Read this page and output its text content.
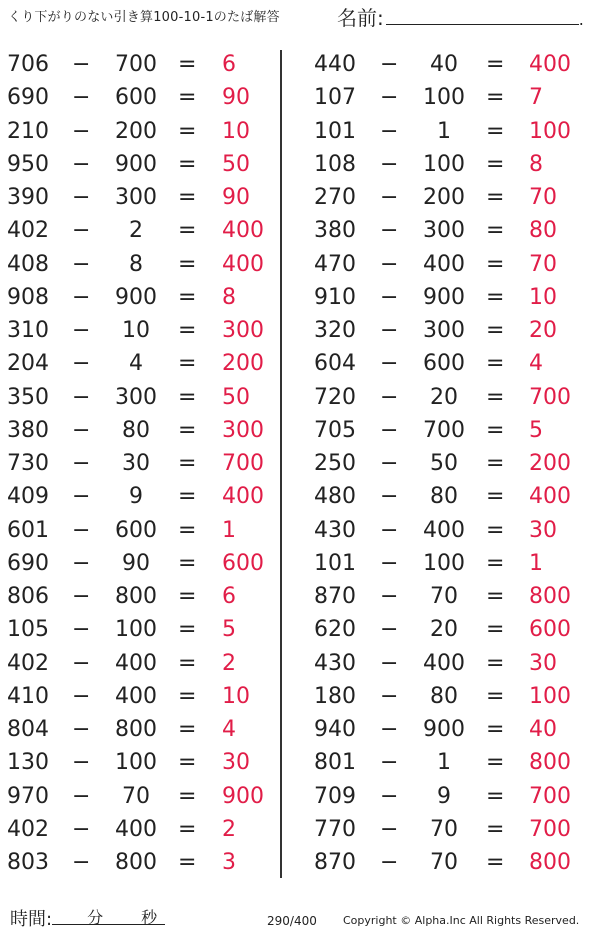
くり下がりのない引き算100-10-1のたば解答	名前:	.
706 −	700 = 6
690 −	600 = 90
210 −	200 = 10
950 −	900 = 50
390 −	300 = 90
402 −	2	= 400
408 −	8	= 400
908 −	900 = 8
310 −	10	= 300
204 −	4	= 200
350 −	300 = 50
380 −	80	= 300
730 −	30	= 700
409 −	9	= 400
601 −	600 = 1
690 −	90	= 600
806 −	800 = 6
105 −	100 = 5
402 −	400 = 2
410 −	400 = 10
804 −	800 = 4
130 −	100 = 30
970 −	70	= 900
402 −	400 = 2
803 −	800 = 3
440 −	40	= 400
107 −	100 = 7
101 −	1	= 100
108 −	100 = 8
270 −	200 = 70
380 −	300 = 80
470 −	400 = 70
910 −	900 = 10
320 −	300 = 20
604 −	600 = 4
720 −	20	= 700
705 −	700 = 5
250 −	50	= 200
480 −	80	= 400
430 −	400 = 30
101 −	100 = 1
870 −	70	= 800
620 −	20	= 600
430 −	400 = 30
180 −	80	= 100
940 −	900 = 40
801 −	1	= 800
709 −	9	= 700
770 −	70	= 700
870 −	70	= 800
時間: 分 秒	290/400 Copyright © Alpha.Inc All Rights Reserved.
